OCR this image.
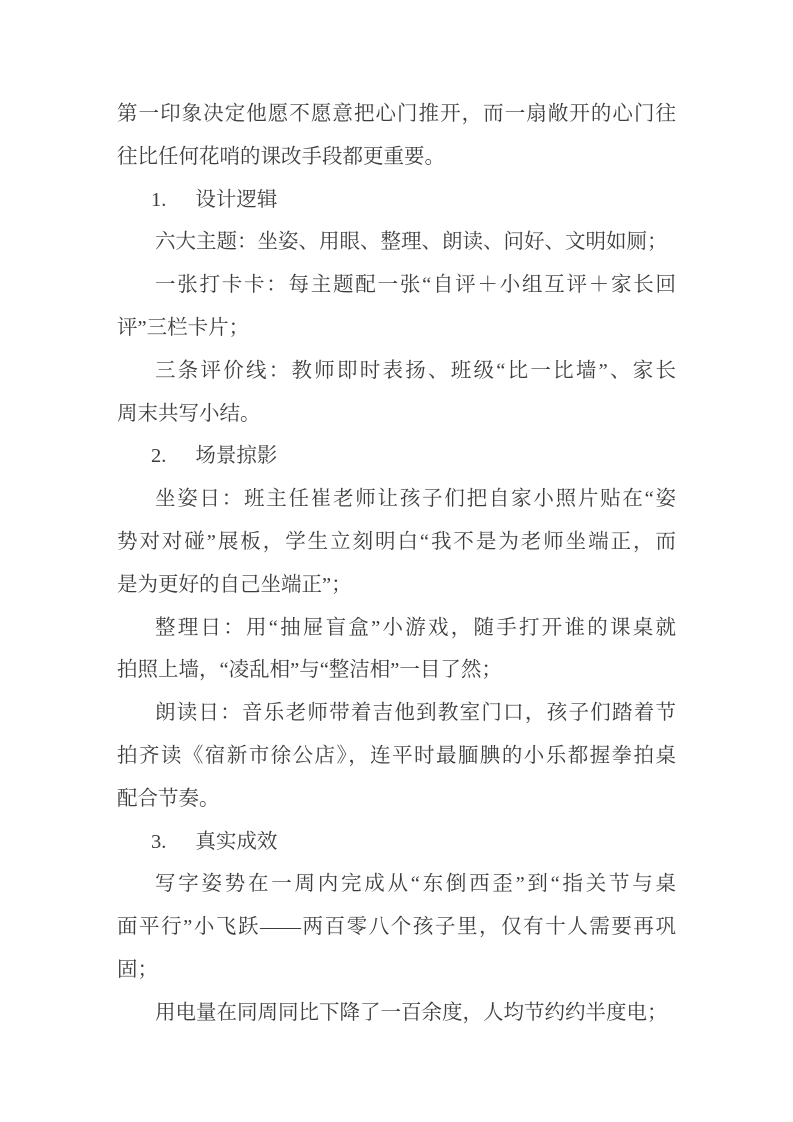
第一印象决定他愿不愿意把心门推开，而一扇敞开的心门往
往比任何花哨的课改手段都更重要。
1. 设计逻辑
六大主题：坐姿、用眼、整理、朗读、问好、文明如厕；
一张打卡卡：每主题配一张“自评＋小组互评＋家长回
评”三栏卡片；
三条评价线：教师即时表扬、班级“比一比墙”、家长
周末共写小结。
2. 场景掠影
坐姿日：班主任崔老师让孩子们把自家小照片贴在“姿
势对对碰”展板，学生立刻明白“我不是为老师坐端正，而
是为更好的自己坐端正”；
整理日：用“抽屉盲盒”小游戏，随手打开谁的课桌就
拍照上墙，“凌乱相”与“整洁相”一目了然；
朗读日：音乐老师带着吉他到教室门口，孩子们踏着节
拍齐读《宿新市徐公店》，连平时最腼腆的小乐都握拳拍桌
配合节奏。
3. 真实成效
写字姿势在一周内完成从“东倒西歪”到“指关节与桌
面平行”小飞跃——两百零八个孩子里，仅有十人需要再巩
固；
用电量在同周同比下降了一百余度，人均节约约半度电；
